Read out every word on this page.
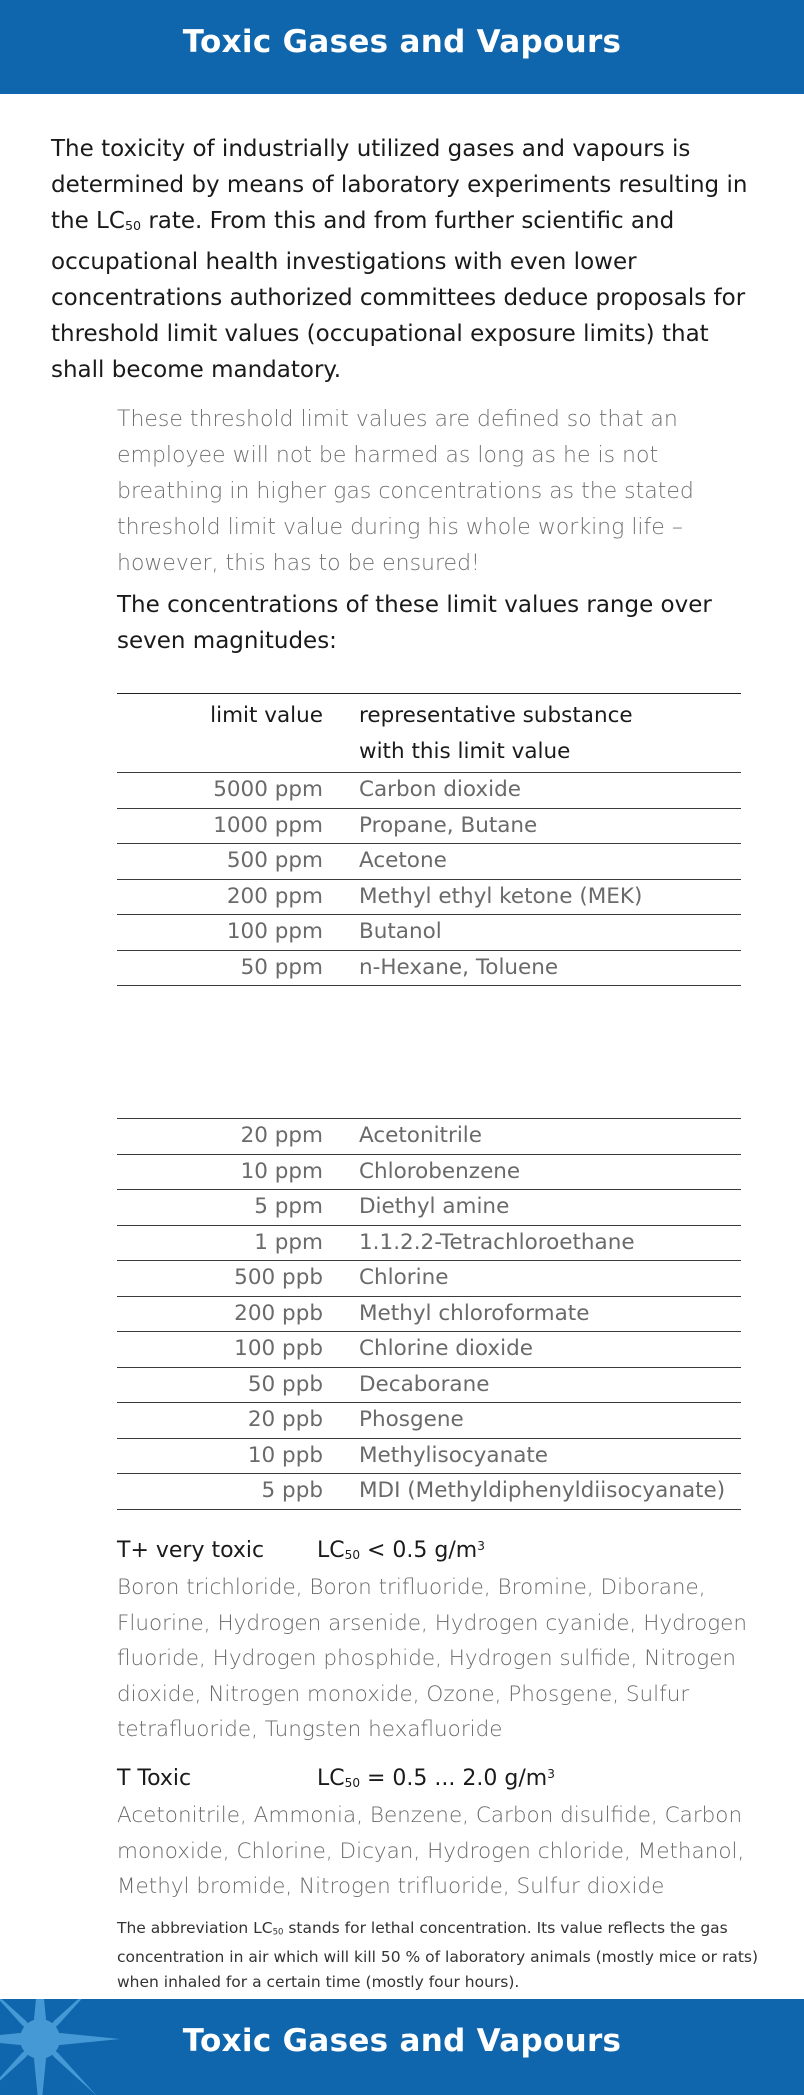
Toxic Gases and Vapours

The toxicity of industrially utilized gases and vapours is determined by means of laboratory experiments resulting in the $LC_{50}$ rate. From this and from further scientific and occupational health investigations with even lower concentrations authorized committees deduce proposals for threshold limit values (occupational exposure limits) that shall become mandatory.

These threshold limit values are defined so that an employee will not be harmed as long as he is not breathing in higher gas concentrations as the stated threshold limit value during his whole working life – however, this has to be ensured!

The concentrations of these limit values range over seven magnitudes:

limit value	representative substance
with this limit value
5000 ppm	Carbon dioxide
1000 ppm	Propane, Butane
500 ppm	Acetone
200 ppm	Methyl ethyl ketone (MEK)
100 ppm	Butanol
50 ppm	n-Hexane, Toluene
20 ppm	Acetonitrile
10 ppm	Chlorobenzene
5 ppm	Diethyl amine
1 ppm	1.1.2.2-Tetrachloroethane
500 ppb	Chlorine
200 ppb	Methyl chloroformate
100 ppb	Chlorine dioxide
50 ppb	Decaborane
20 ppb	Phosgene
10 ppb	Methylisocyanate
5 ppb	MDI (Methyldiphenyldiisocyanate)
T+ very toxic $LC_{50} < 0.5$ $g/m^3$
Boron trichloride, Boron trifluoride, Bromine, Diborane, Fluorine, Hydrogen arsenide, Hydrogen cyanide, Hydrogen fluoride, Hydrogen phosphide, Hydrogen sulfide, Nitrogen dioxide, Nitrogen monoxide, Ozone, Phosgene, Sulfur tetrafluoride, Tungsten hexafluoride
T Toxic	$LC_{50} = 0.5$ ... 2.0 $g/m^3$
Acetonitrile, Ammonia, Benzene, Carbon disulfide, Carbon monoxide, Chlorine, Dicyan, Hydrogen chloride, Methanol, Methyl bromide, Nitrogen trifluoride, Sulfur dioxide

The abbreviation $LC_{50}$ stands for lethal concentration. Its value reflects the gas concentration in air which will kill 50 % of laboratory animals (mostly mice or rats) when inhaled for a certain time (mostly four hours).

Toxic Gases and Vapours
